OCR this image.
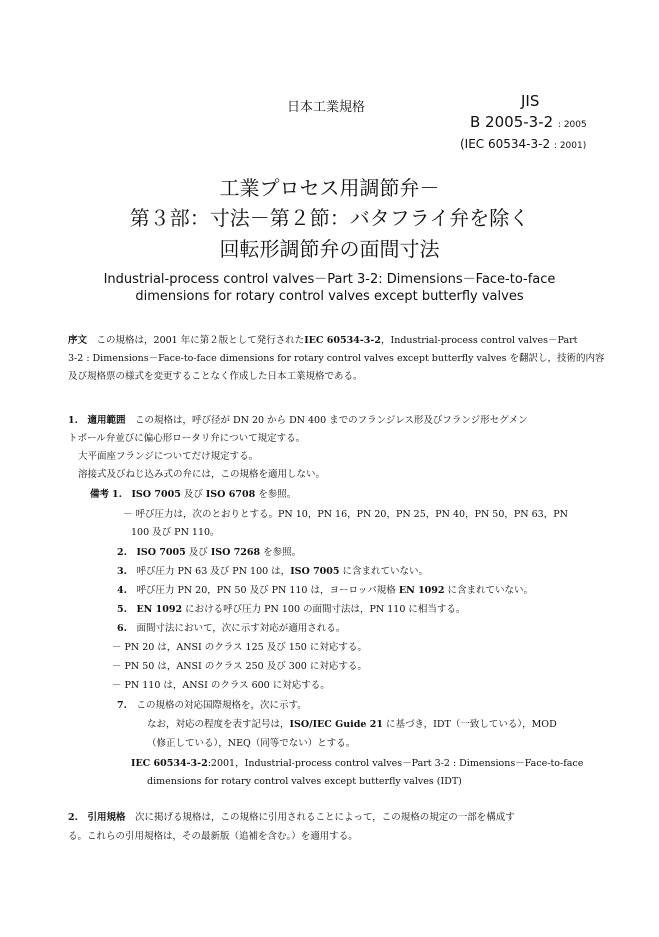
日本工業規格	JIS
B 2005-3-2 : 2005
(IEC 60534-3-2 : 2001)
工業プロセス用調節弁－
第３部：寸法－第２節：バタフライ弁を除く
回転形調節弁の面間寸法
Industrial-process control valves－Part 3-2: Dimensions－Face-to-face
dimensions for rotary control valves except butterfly valves
序文　 この規格は，2001 年に第２版として発行されたIEC 60534-3-2，Industrial-process control valves－Part
3-2 : Dimensions－Face-to-face dimensions for rotary control valves except butterfly valves を翻訳し，技術的内容
及び規格票の様式を変更することなく作成した日本工業規格である。
1.　 適用範囲　 この規格は，呼び径が DN 20 から DN 400 までのフランジレス形及びフランジ形セグメン
トボール弁並びに偏心形ロータリ弁について規定する。
大平面座フランジについてだけ規定する。
溶接式及びねじ込み式の弁には，この規格を適用しない。
備考 1.　 ISO 7005 及び ISO 6708 を参照。
－ 呼び圧力は，次のとおりとする。PN 10，PN 16，PN 20，PN 25，PN 40，PN 50，PN 63，PN
100 及び PN 110。
2.　 ISO 7005 及び ISO 7268 を参照。
3.　 呼び圧力 PN 63 及び PN 100 は，ISO 7005 に含まれていない。
4.　 呼び圧力 PN 20，PN 50 及び PN 110 は，ヨーロッパ規格 EN 1092 に含まれていない。
5.　 EN 1092 における呼び圧力 PN 100 の面間寸法は，PN 110 に相当する。
6.　 面間寸法において，次に示す対応が適用される。
－ PN 20 は，ANSI のクラス 125 及び 150 に対応する。
－ PN 50 は，ANSI のクラス 250 及び 300 に対応する。
－ PN 110 は，ANSI のクラス 600 に対応する。
7.　 この規格の対応国際規格を，次に示す。
なお，対応の程度を表す記号は，ISO/IEC Guide 21 に基づき，IDT（一致している），MOD
（修正している），NEQ（同等でない）とする。
IEC 60534-3-2:2001，Industrial-process control valves－Part 3-2 : Dimensions－Face-to-face
dimensions for rotary control valves except butterfly valves (IDT)
2.　 引用規格　 次に掲げる規格は，この規格に引用されることによって，この規格の規定の一部を構成す
る。これらの引用規格は，その最新版（追補を含む。）を適用する。
